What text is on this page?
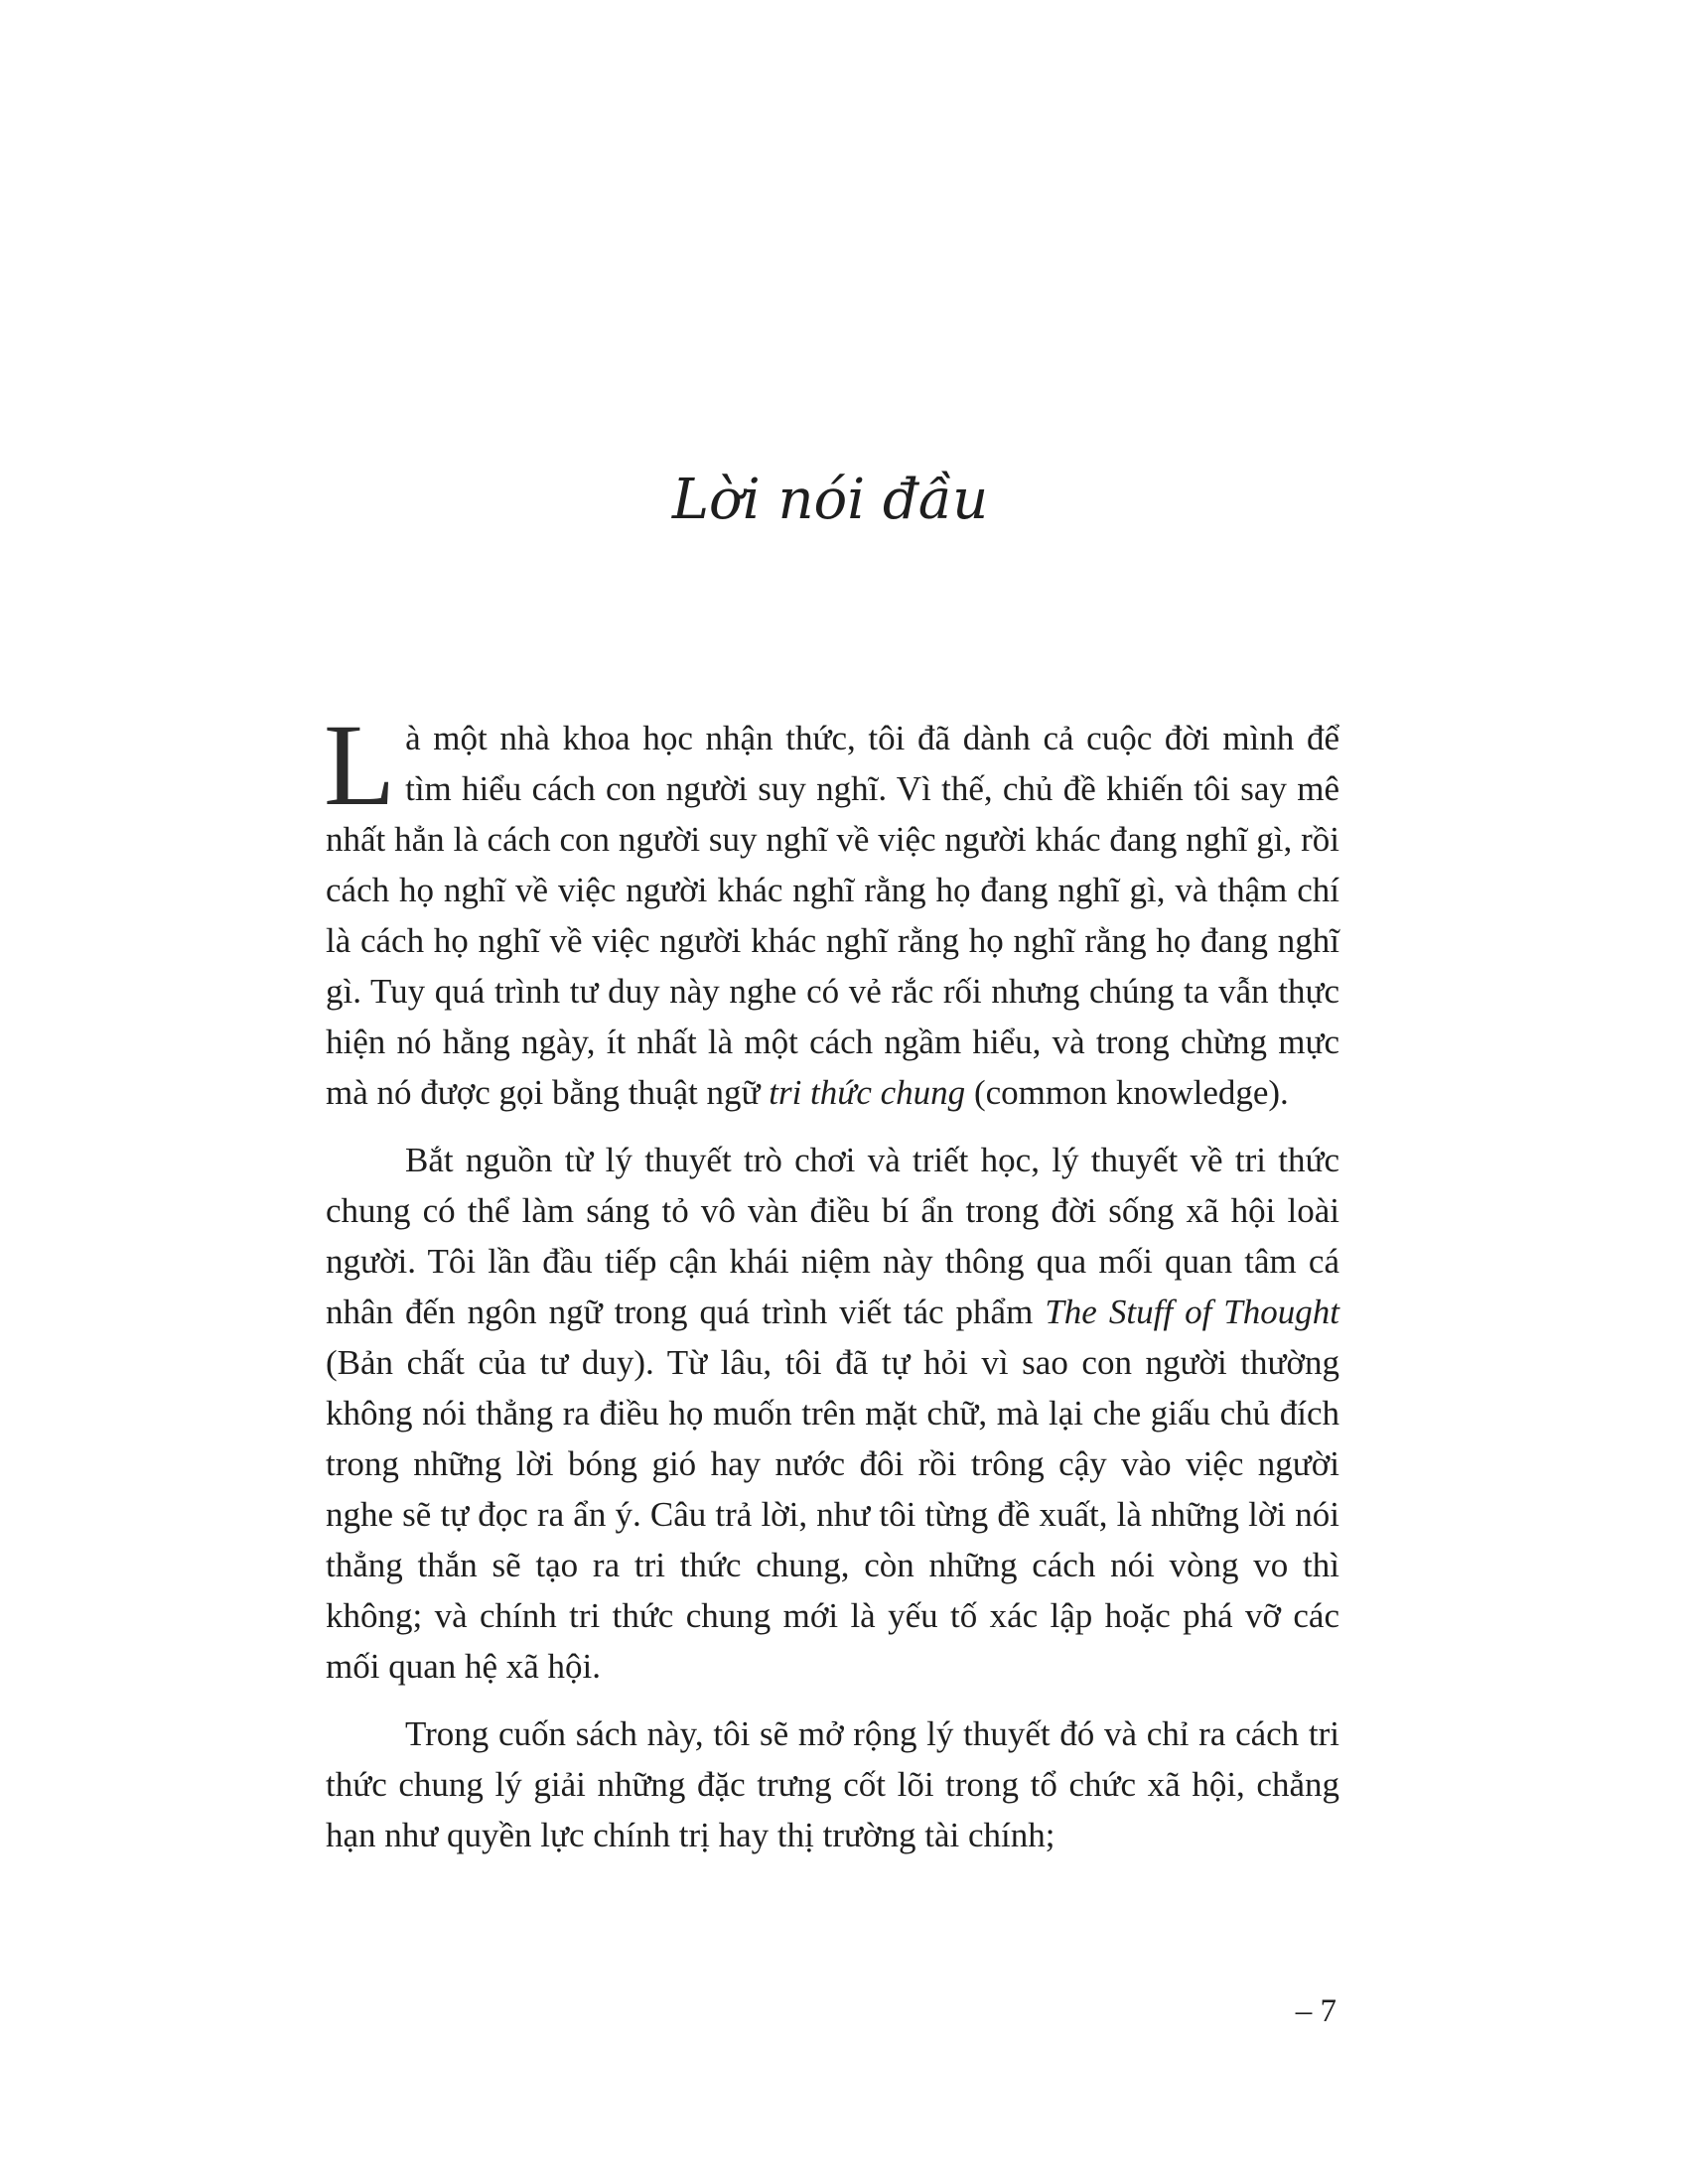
Lời nói đầu

Là một nhà khoa học nhận thức, tôi đã dành cả cuộc đời mình để tìm hiểu cách con người suy nghĩ. Vì thế, chủ đề khiến tôi say mê nhất hẳn là cách con người suy nghĩ về việc người khác đang nghĩ gì, rồi cách họ nghĩ về việc người khác nghĩ rằng họ đang nghĩ gì, và thậm chí là cách họ nghĩ về việc người khác nghĩ rằng họ nghĩ rằng họ đang nghĩ gì. Tuy quá trình tư duy này nghe có vẻ rắc rối nhưng chúng ta vẫn thực hiện nó hằng ngày, ít nhất là một cách ngầm hiểu, và trong chừng mực mà nó được gọi bằng thuật ngữ tri thức chung (common knowledge).

Bắt nguồn từ lý thuyết trò chơi và triết học, lý thuyết về tri thức chung có thể làm sáng tỏ vô vàn điều bí ẩn trong đời sống xã hội loài người. Tôi lần đầu tiếp cận khái niệm này thông qua mối quan tâm cá nhân đến ngôn ngữ trong quá trình viết tác phẩm The Stuff of Thought (Bản chất của tư duy). Từ lâu, tôi đã tự hỏi vì sao con người thường không nói thẳng ra điều họ muốn trên mặt chữ, mà lại che giấu chủ đích trong những lời bóng gió hay nước đôi rồi trông cậy vào việc người nghe sẽ tự đọc ra ẩn ý. Câu trả lời, như tôi từng đề xuất, là những lời nói thẳng thắn sẽ tạo ra tri thức chung, còn những cách nói vòng vo thì không; và chính tri thức chung mới là yếu tố xác lập hoặc phá vỡ các mối quan hệ xã hội.

Trong cuốn sách này, tôi sẽ mở rộng lý thuyết đó và chỉ ra cách tri thức chung lý giải những đặc trưng cốt lõi trong tổ chức xã hội, chẳng hạn như quyền lực chính trị hay thị trường tài chính;

– 7
